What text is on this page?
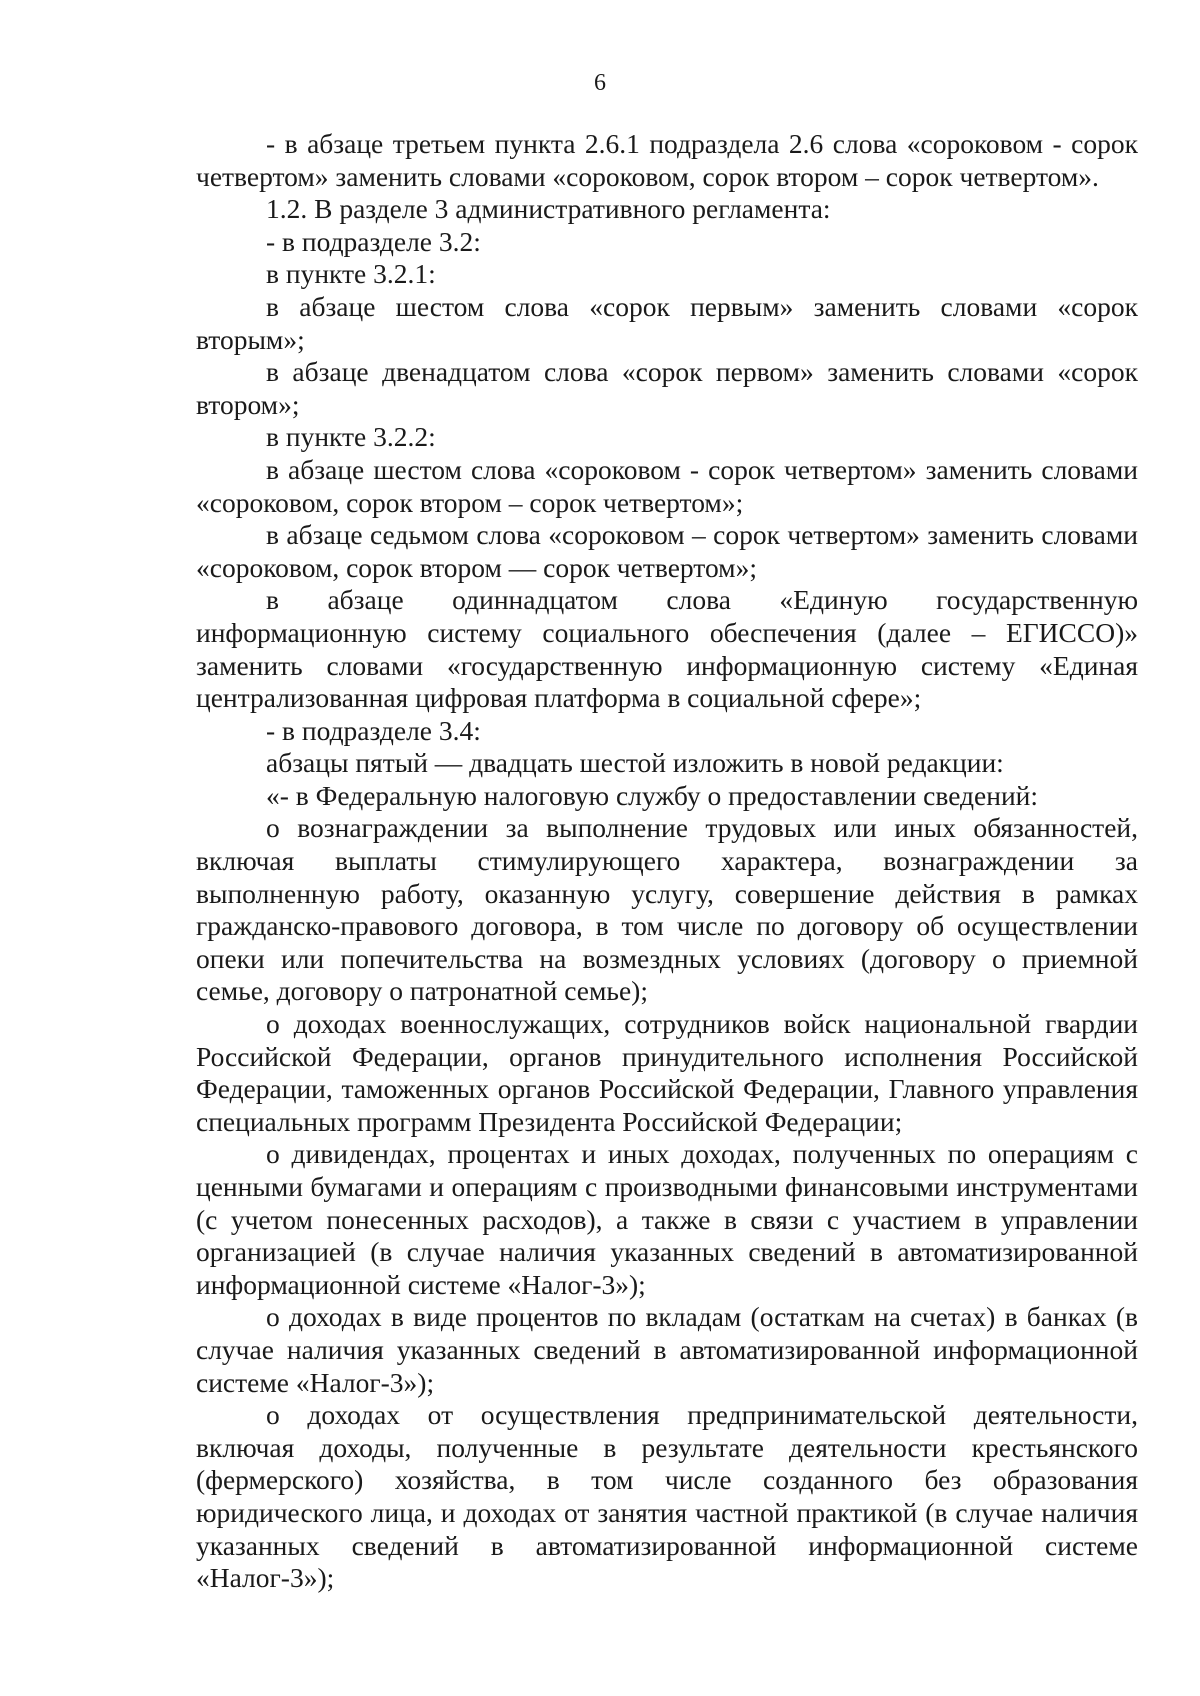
6

- в абзаце третьем пункта 2.6.1 подраздела 2.6 слова «сороковом - сорок четвертом» заменить словами «сороковом, сорок втором – сорок четвертом».

1.2. В разделе 3 административного регламента:

- в подразделе 3.2:

в пункте 3.2.1:

в абзаце шестом слова «сорок первым» заменить словами «сорок вторым»;

в абзаце двенадцатом слова «сорок первом» заменить словами «сорок втором»;

в пункте 3.2.2:

в абзаце шестом слова «сороковом - сорок четвертом» заменить словами «сороковом, сорок втором – сорок четвертом»;

в абзаце седьмом слова «сороковом – сорок четвертом» заменить словами «сороковом, сорок втором — сорок четвертом»;

в абзаце одиннадцатом слова «Единую государственную информационную систему социального обеспечения (далее – ЕГИССО)» заменить словами «государственную информационную систему «Единая централизованная цифровая платформа в социальной сфере»;

- в подразделе 3.4:

абзацы пятый — двадцать шестой изложить в новой редакции:

«- в Федеральную налоговую службу о предоставлении сведений:

о вознаграждении за выполнение трудовых или иных обязанностей, включая выплаты стимулирующего характера, вознаграждении за выполненную работу, оказанную услугу, совершение действия в рамках гражданско-правового договора, в том числе по договору об осуществлении опеки или попечительства на возмездных условиях (договору о приемной семье, договору о патронатной семье);

о доходах военнослужащих, сотрудников войск национальной гвардии Российской Федерации, органов принудительного исполнения Российской Федерации, таможенных органов Российской Федерации, Главного управления специальных программ Президента Российской Федерации;

о дивидендах, процентах и иных доходах, полученных по операциям с ценными бумагами и операциям с производными финансовыми инструментами (с учетом понесенных расходов), а также в связи с участием в управлении организацией (в случае наличия указанных сведений в автоматизированной информационной системе «Налог-3»);

о доходах в виде процентов по вкладам (остаткам на счетах) в банках (в случае наличия указанных сведений в автоматизированной информационной системе «Налог-3»);

о доходах от осуществления предпринимательской деятельности, включая доходы, полученные в результате деятельности крестьянского (фермерского) хозяйства, в том числе созданного без образования юридического лица, и доходах от занятия частной практикой (в случае наличия указанных сведений в автоматизированной информационной системе «Налог-3»);
